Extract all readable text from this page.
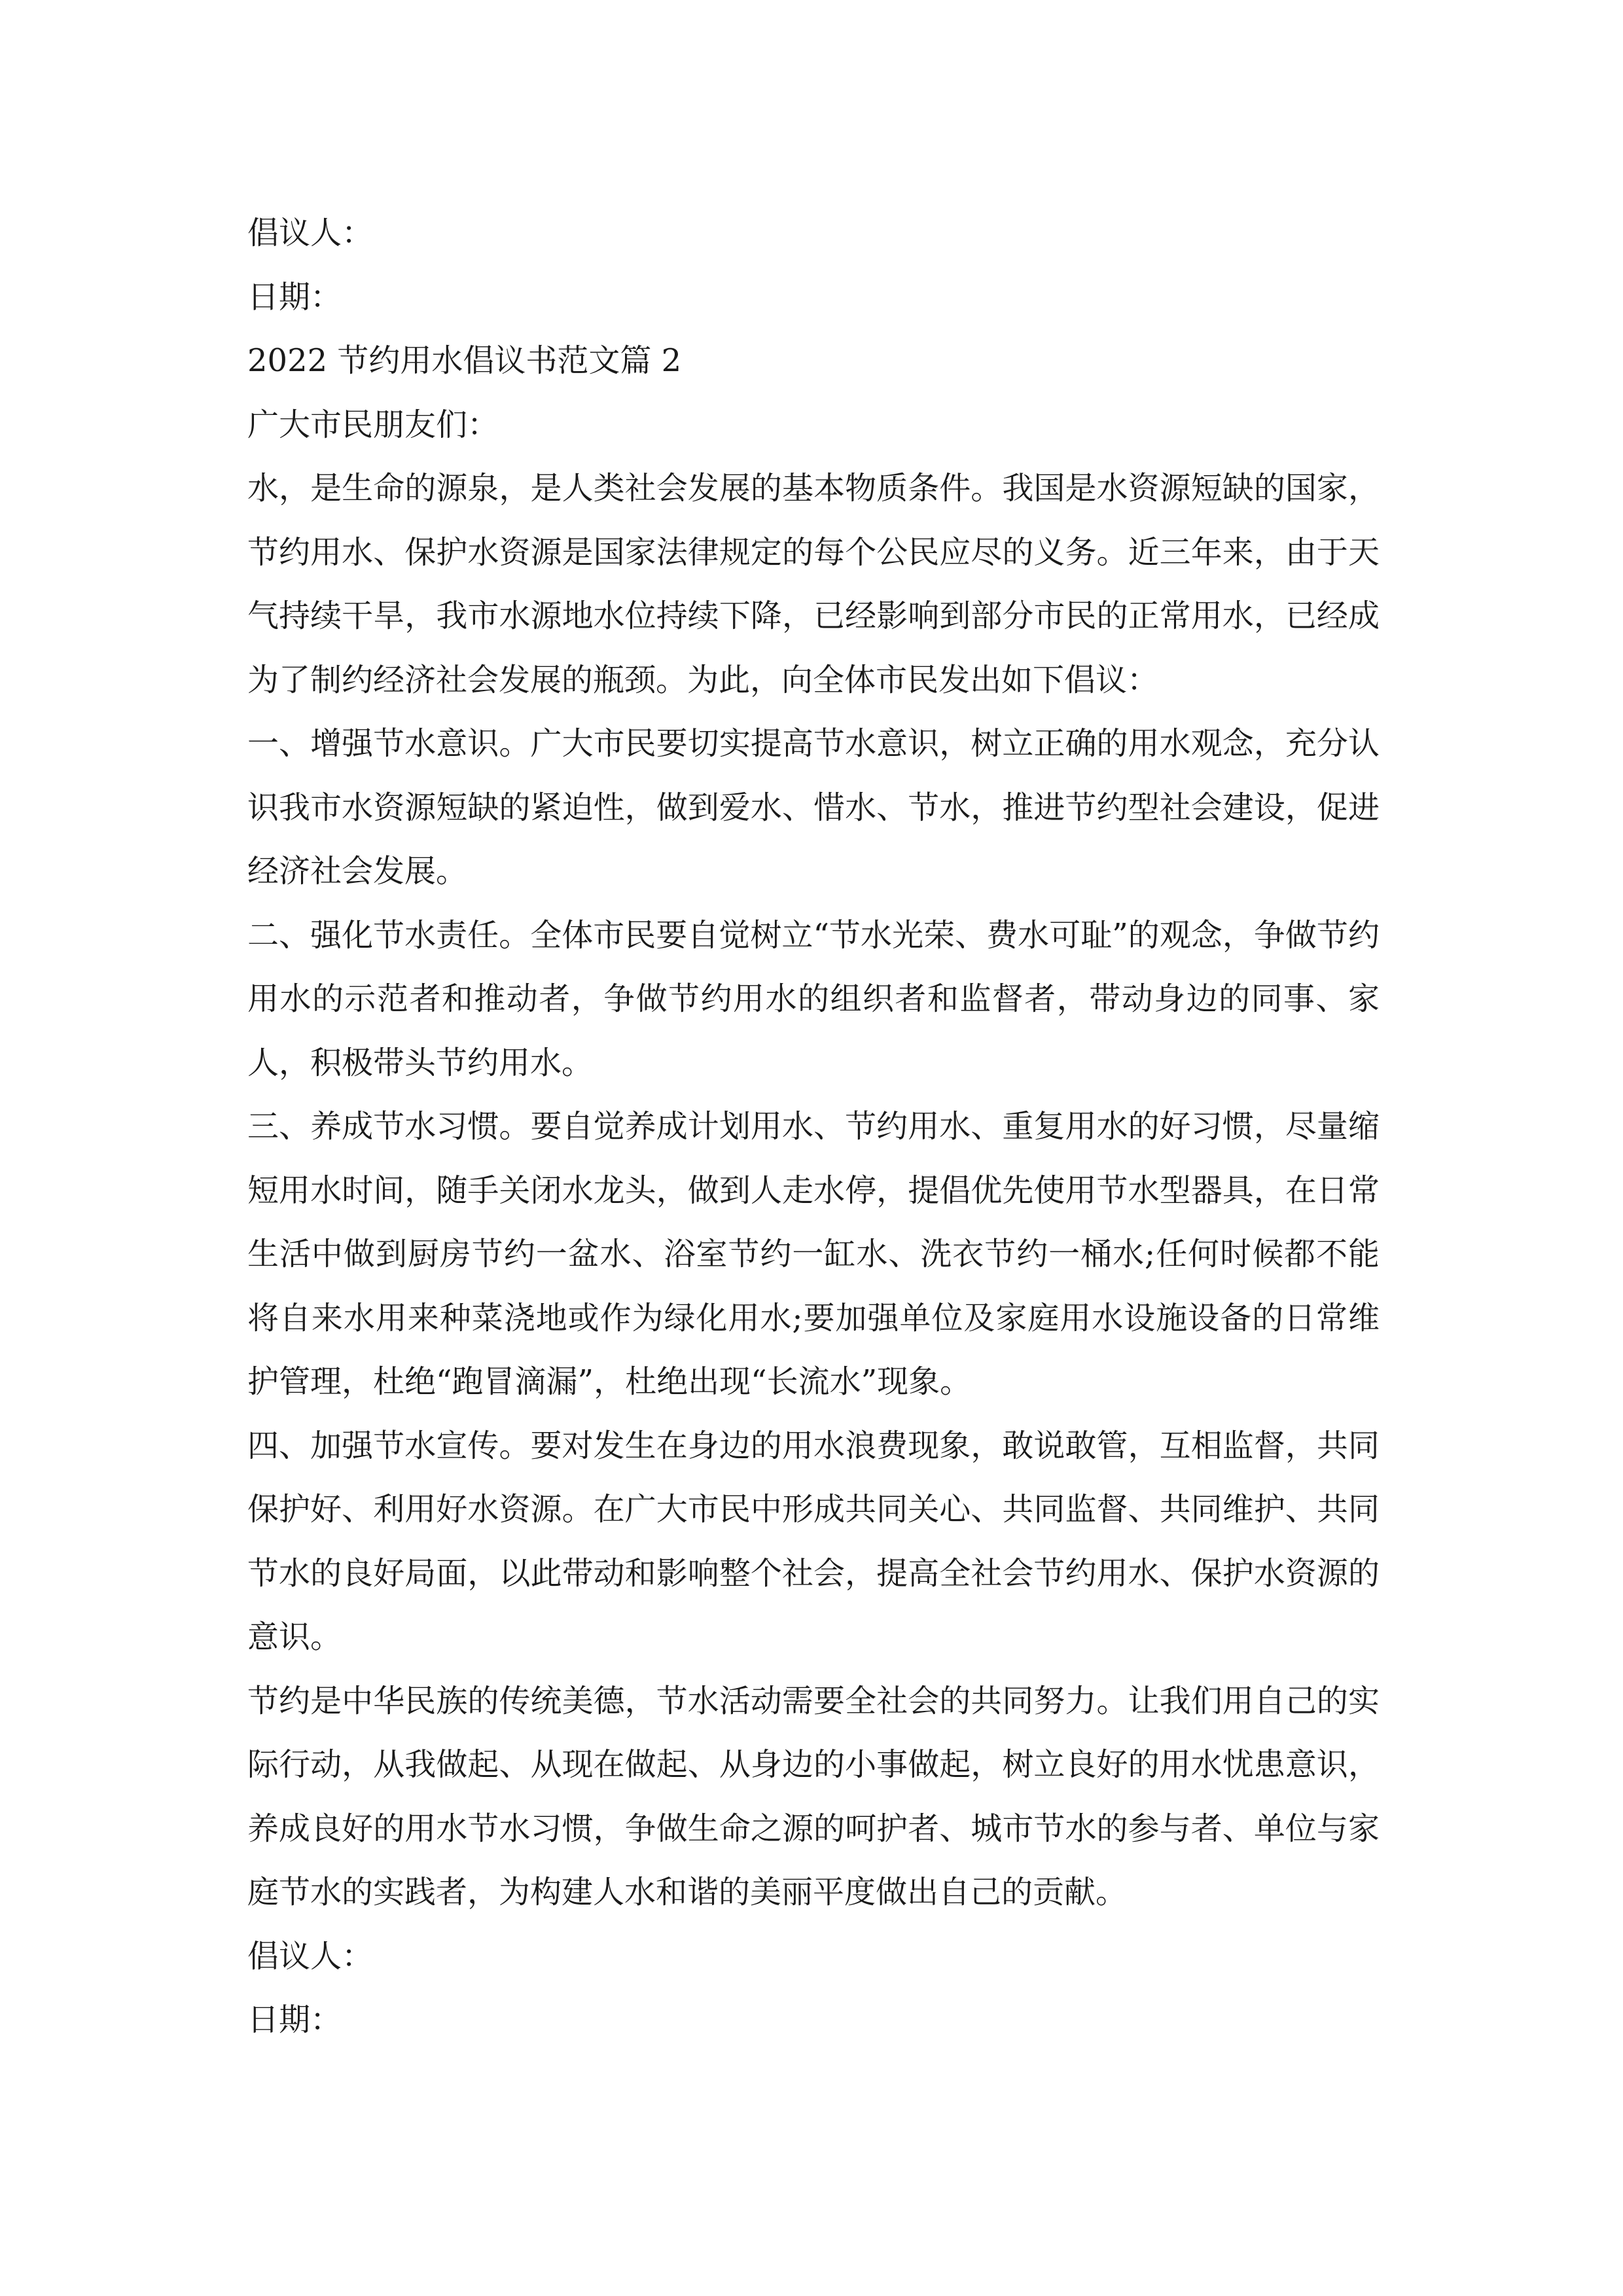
倡议人：
日期：
2022 节约用水倡议书范文篇 2
广大市民朋友们：
水，是生命的源泉，是人类社会发展的基本物质条件。我国是水资源短缺的国家，节约用水、保护水资源是国家法律规定的每个公民应尽的义务。近三年来，由于天气持续干旱，我市水源地水位持续下降，已经影响到部分市民的正常用水，已经成为了制约经济社会发展的瓶颈。为此，向全体市民发出如下倡议：
一、增强节水意识。广大市民要切实提高节水意识，树立正确的用水观念，充分认识我市水资源短缺的紧迫性，做到爱水、惜水、节水，推进节约型社会建设，促进经济社会发展。
二、强化节水责任。全体市民要自觉树立“节水光荣、费水可耻”的观念，争做节约用水的示范者和推动者，争做节约用水的组织者和监督者，带动身边的同事、家人，积极带头节约用水。
三、养成节水习惯。要自觉养成计划用水、节约用水、重复用水的好习惯，尽量缩短用水时间，随手关闭水龙头，做到人走水停，提倡优先使用节水型器具，在日常生活中做到厨房节约一盆水、浴室节约一缸水、洗衣节约一桶水;任何时候都不能将自来水用来种菜浇地或作为绿化用水;要加强单位及家庭用水设施设备的日常维护管理，杜绝“跑冒滴漏”，杜绝出现“长流水”现象。
四、加强节水宣传。要对发生在身边的用水浪费现象，敢说敢管，互相监督，共同保护好、利用好水资源。在广大市民中形成共同关心、共同监督、共同维护、共同节水的良好局面，以此带动和影响整个社会，提高全社会节约用水、保护水资源的意识。
节约是中华民族的传统美德，节水活动需要全社会的共同努力。让我们用自己的实际行动，从我做起、从现在做起、从身边的小事做起，树立良好的用水忧患意识，养成良好的用水节水习惯，争做生命之源的呵护者、城市节水的参与者、单位与家庭节水的实践者，为构建人水和谐的美丽平度做出自己的贡献。
倡议人：
日期：
